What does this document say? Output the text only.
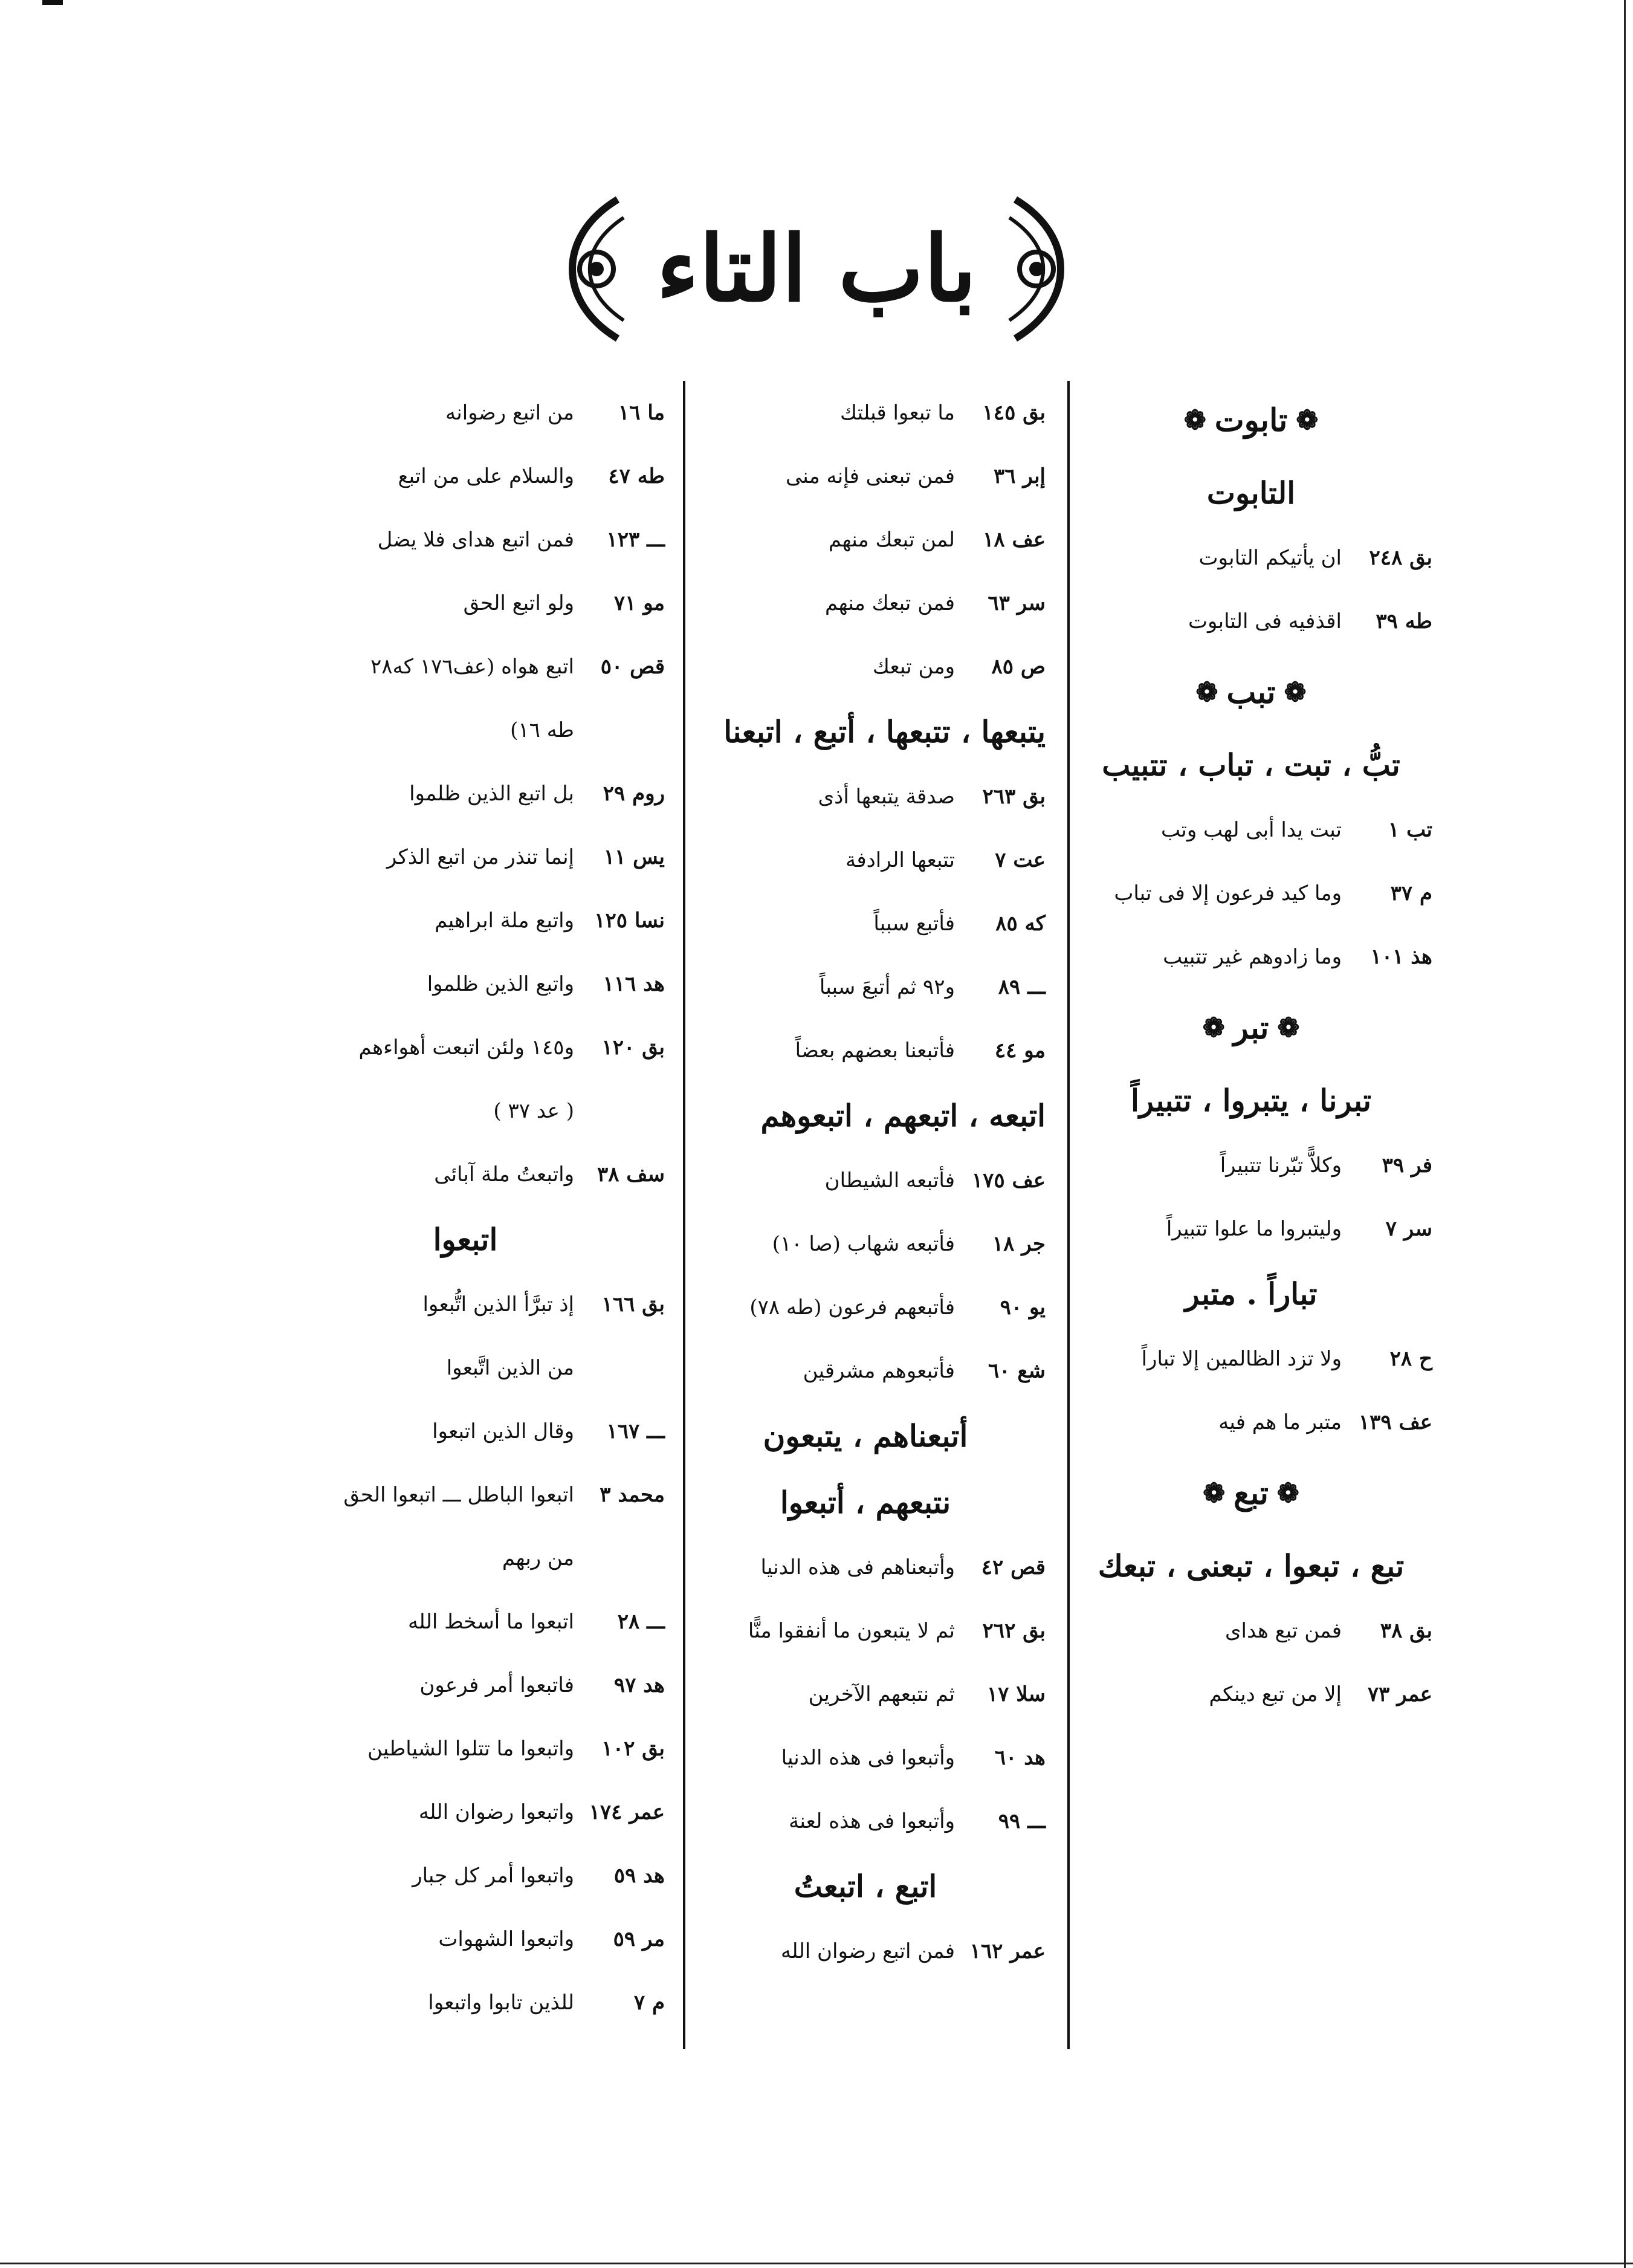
باب التاء
❁
تابوت
❁
التابوت
بق ٢٤٨
ان يأتيكم التابوت
طه ٣٩
اقذفيه فى التابوت
❁
تبب
❁
تبُّ ، تبت ، تباب ، تتبيب
تب ١
تبت يدا أبى لهب وتب
م ٣٧
وما كيد فرعون إلا فى تباب
هذ ١٠١
وما زادوهم غير تتبيب
❁
تبر
❁
تبرنا ، يتبروا ، تتبيراً
فر ٣٩
وكلاًّ تبّرنا تتبيراً
سر ٧
وليتبروا ما علوا تتبيراً
تباراً . متبر
ح ٢٨
ولا تزد الظالمين إلا تباراً
عف ١٣٩
متبر ما هم فيه
❁
تبع
❁
تبع ، تبعوا ، تبعنى ، تبعك
بق ٣٨
فمن تبع هداى
عمر ٧٣
إلا من تبع دينكم
بق ١٤٥
ما تبعوا قبلتك
إبر ٣٦
فمن تبعنى فإنه منى
عف ١٨
لمن تبعك منهم
سر ٦٣
فمن تبعك منهم
ص ٨٥
ومن تبعك
يتبعها ، تتبعها ، أتبع ، اتبعنا
بق ٢٦٣
صدقة يتبعها أذى
عت ٧
تتبعها الرادفة
كه ٨٥
فأتبع سبباً
ـــ ٨٩
و٩٢ ثم أتبعَ سبباً
مو ٤٤
فأتبعنا بعضهم بعضاً
اتبعه ، اتبعهم ، اتبعوهم
عف ١٧٥
فأتبعه الشيطان
جر ١٨
فأتبعه شهاب (صا ١٠)
يو ٩٠
فأتبعهم فرعون (طه ٧٨)
شع ٦٠
فأتبعوهم مشرقين
أتبعناهم ، يتبعون
نتبعهم ، أتبعوا
قص ٤٢
وأتبعناهم فى هذه الدنيا
بق ٢٦٢
ثم لا يتبعون ما أنفقوا منًّا
سلا ١٧
ثم نتبعهم الآخرين
هد ٦٠
وأتبعوا فى هذه الدنيا
ـــ ٩٩
وأتبعوا فى هذه لعنة
اتبع ، اتبعتُ
عمر ١٦٢
فمن اتبع رضوان الله
ما ١٦
من اتبع رضوانه
طه ٤٧
والسلام على من اتبع
ـــ ١٢٣
فمن اتبع هداى فلا يضل
مو ٧١
ولو اتبع الحق
قص ٥٠
اتبع هواه (عف١٧٦ كه٢٨
طه ١٦)
روم ٢٩
بل اتبع الذين ظلموا
يس ١١
إنما تنذر من اتبع الذكر
نسا ١٢٥
واتبع ملة ابراهيم
هد ١١٦
واتبع الذين ظلموا
بق ١٢٠
و١٤٥ ولئن اتبعت أهواءهم
( عد ٣٧ )
سف ٣٨
واتبعتُ ملة آبائى
اتبعوا
بق ١٦٦
إذ تبرَّأ الذين اتُّبعوا
من الذين اتَّبعوا
ـــ ١٦٧
وقال الذين اتبعوا
محمد ٣
اتبعوا الباطل ـــ اتبعوا الحق
من ربهم
ـــ ٢٨
اتبعوا ما أسخط الله
هد ٩٧
فاتبعوا أمر فرعون
بق ١٠٢
واتبعوا ما تتلوا الشياطين
عمر ١٧٤
واتبعوا رضوان الله
هد ٥٩
واتبعوا أمر كل جبار
مر ٥٩
واتبعوا الشهوات
م ٧
للذين تابوا واتبعوا
